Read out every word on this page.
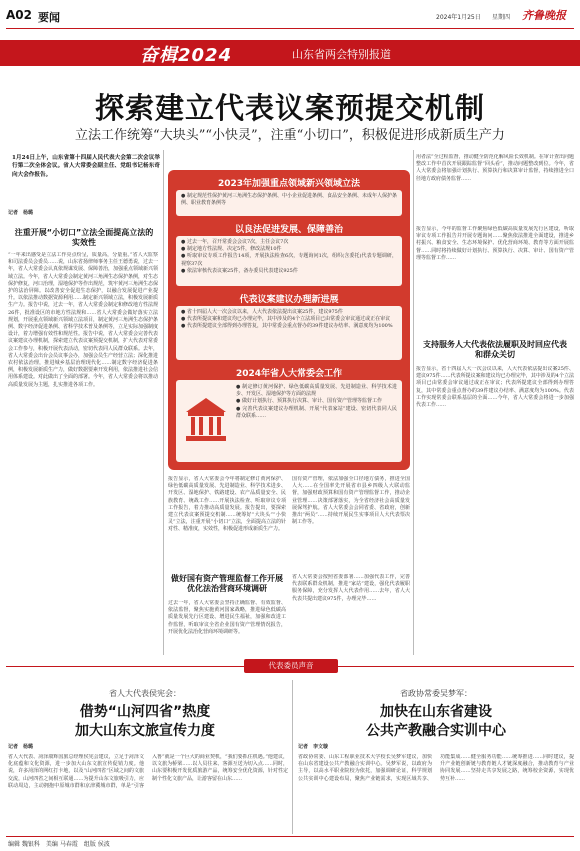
A02 要闻	2024年1月25日 星期四 齐鲁晚报
奋楫2024	山东省两会特别报道
探索建立代表议案预提交机制
立法工作统筹“大块头”“小快灵”，注重“小切口”，积极促进形成新质生产力
1月24日上午，山东省第十四届人民代表大会第二次会议举行第二次全体会议。省人大常委会副主任、党组书记杨东奇向大会作报告。
记者　杨璐
注重开展“小切口”立法全面提高立法的实效性
“一年来出感受是立法工作亮点纷呈，质量高，分量重。”省人大监察和司法委员会委员……说，山东省扬律师事务主任王德勇说，过去一年，省人大常委会认真依规谋发展、保障善治，加强重点领域新兴领域立法。今年，省人大常委会制定黄河三角洲生态保护条例，对生态保护修复，河口治理，湿地保护等作出规范，筑牢黄河三角洲生态保护的法治屏障。以改善安全促进生态保护，以融合发展促进产业提升。以依法推动数据资源利用……制定新兴领域立法，积极发展新质生产力。报告中说，过去一年，省人大常委会制定和修改地方性法规26件，批准设区的市地方性法规和……省人大常委会做好落实立法规划，开展重点领域新兴领域立法项目，制定黄河三角洲生态保护条例、数字经济促进条例、省科学技术普及条例等，立足实际加强制度设计，着力增强有效性和规范性。报告中说，省人大常委会完善代表议案建议办理机制，探索建立代表议案预提交机制，扩大代表对常委会工作参与，积极开展代表活动，密切代表同人民群众联系。去年，省人大常委会出台会员议事会办，加强会员生产经营立法；深化推进农村依法治理，推进城乡基层治理现代化……制定数字经济促进条例，积极发展新质生产力，做好数据要素开发利用，依法推进社会信用体系建设。对此做出了全面的部署。今年，省人大常委会将以推动高质量发展为主题，扎实推进各项工作。
2023年加强重点领域新兴领域立法
● 制定规范性保护黄河三角洲生态保护条例、中小企业促进条例、食品安全条例、未成年人保护条例、职业教育条例等
以良法促进发展、保障善治
● 过去一年，召开常委会会议7次，主任会议7次
● 制定地方性法规、决定5件，修改法规10件
● 听取审议专项工作报告14项，开展执法检查6次，专题询问1次，组织(含委托)代表专题调研，视察37次
● 依法审核代表议案25件，备办委员代表建议925件
代表议案建议办理新进展
● 省十四届人大一次会议以来，人大代表依法提出议案25件，建议975件
● 代表所提议案和建议均已办理完毕，其中涉及的4个立法项目已由常委会审议通过或正在审议
● 代表所提建议全部得到办理答复，其中常委会重点督办的39件建议办结率、满意度均为100%
2024年省人大常委会工作
● 制定修订黄河保护、绿色低碳高质量发展、先进制造业、科学技术进步、开发区、湿地保护等方面的法规
● 做好计划执行、预算执行决算、审计、国有资产管理等监督工作
● 完善代表议案建议办理机制、开展“代表家站”建设、密切代表同人民群众联系……
用者法”全过程监督，推动健全防范化解风险长效机制。在审计查出问题整改工作中首次开展跟踪监督“回头看”，推动问题整改到位。今年，省人大常委会将加强计划执行、预算执行和决算审计监督，持续推进全口径地方政府债务监督……
报告显示，今年的监督工作聚焦绿色低碳高质量发展先行区建设，听取审议专项工作报告并开展专题询问……聚焦依法推进全面建设，推进乡村振兴、粮食安全、生态环境保护、优化营商环境、教育等方面开展监督……同时将持续做好计划执行、预算执行、决算、审计、国有资产管理等监督工作……
支持服务人大代表依法履职及时回应代表和群众关切
报告显示，省十四届人大一次会议以来，人大代表依法提出议案25件、建议975件……代表所提议案和建议均已办理完毕，其中涉及的4个立法项目已由常委会审议通过或正在审议；代表所提建议全部得到办理答复，其中常委会重点督办的39件建议办结率、满意度均为100%。代表工作实现常委会联系基层的全面……今年，省人大常委会将进一步加强代表工作……
报告显示，省人大常委会今年将制定修订黄河保护、绿色低碳高质量发展、先进制造业、科学技术进步、开发区、湿地保护、铁路建设、农产品质量安全、民族教育、统战工作……开展执法检查、听取审议专项工作报告，着力推动高质量发展。报告提出，要探索建立代表议案预提交机制……统筹好“大块头”“小快灵”立法，注重开展“小切口”立法，全面提高立法的针对性、精准度，实效性，积极促进形成新质生产力。
做好国有资产管理监督工作开展优化法治营商环境调研
过去一年，省人大常委会坚持正确监督、有效监督、依法监督，聚焦实施黄河国家战略，推进绿色低碳高质量发展先行区建设、增进民生福祉，加强和改进工作监督，听取审议全省企业国有资产管理情况报告，开展优化法治化营商环境调研等。
国有资产管理，依法加强全口径地方债务，推进全国人大……在全国率先开展省市县乡四级人大联动监督，加强财政预算和国有资产管理监督工作，推动企业管理……决策部署落实，为全省经济社会高质量发展保驾护航。省人大常委会会同省委、省政府，创新推出“两员”……持续开展民生实事项目人大代表票决制工作等。
省人大常委会按照省委部署……加强代表工作，完善代表联系群众机制，推进“家站”建设，强化代表履职服务保障，充分发挥人大代表作用……去年，省人大代表共提出建议975件，办理完毕……
代表委员声音
省人大代表侯宪会：
借势“山河四省”热度
加大山东文旅宣传力度
记者　杨璐
省人大代表、菏泽康辉国旅总经理侯宪会建议，立足于菏泽文化底蕴和文化资源，进一步加大山东文旅宣传促销力度。他说，许多菏泽的网红打卡地，以及“山河四省”区域之间的文旅交流，山河四省之间相互联通……为提升山东文旅吸引力，应联动周边，主动拥抱中原城市群和京津冀城市群，单是“引客入鲁”就是一个巨大的商业契机，“我们要抓住机遇。”他建议，以文旅为桥梁……以人员往来、客源互送为切入点……同时，山东要积极开发优质旅游产品，统筹安全优化资源，针对性定制个性化文旅产品，让游客留在山东……
省政协常委吴梦军：
加快在山东省建设
公共产教融合实训中心
记者　李文璇
省政协常委、山东工程职业技术大学校长吴梦军建议，加快在山东省建设公共产教融合实训中心。吴梦军说，以政府为主导，以高水平职业院校为依托，加强调研论证，科学规划公共实训中心建设布局，聚焦产业链需求，实现区域共享、功能集成……健全服务功能……统筹推进……同时建议，提升产业链创新链与教育链人才链深度融合，推动教育与产业协同发展……坚持走共享发展之路，统筹校企资源，实现优势互补……
编辑 魏银科　美编 马春霞　组版 侯波
